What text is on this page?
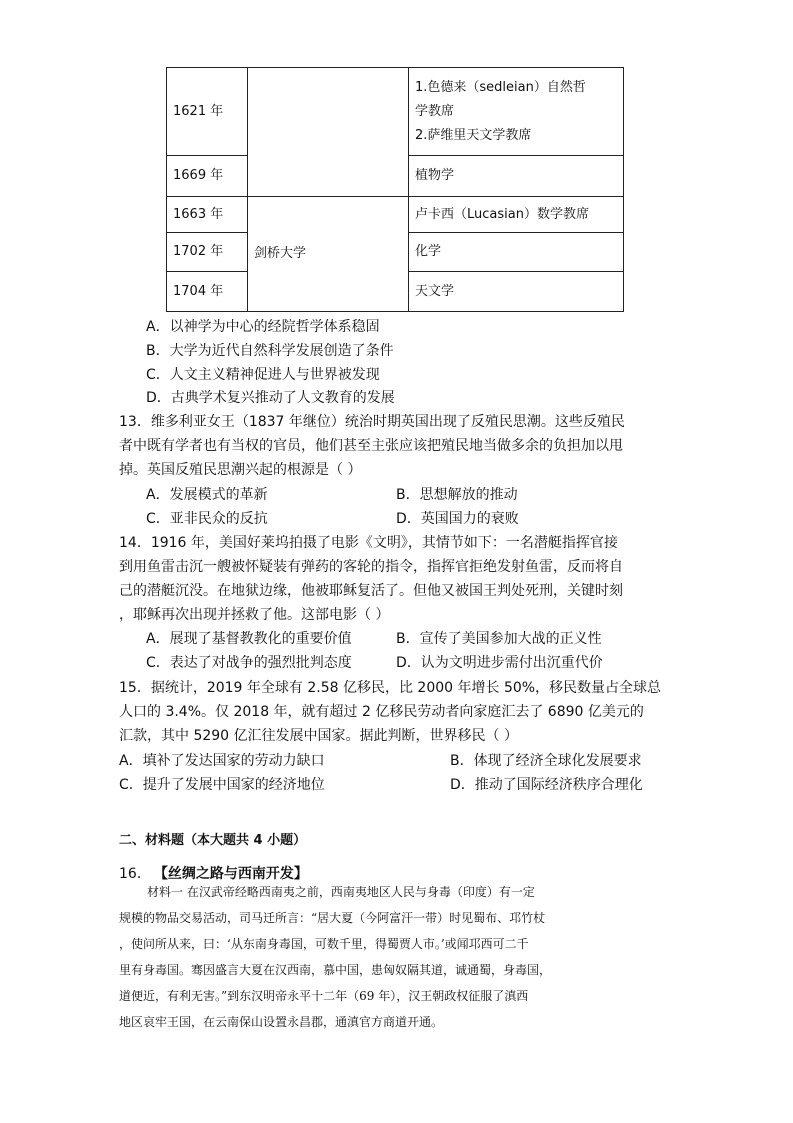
1621 年		1.色德来（sedleian）自然哲
学教席
2.萨维里天文学教席

1669 年		植物学
1663 年	剑桥大学	卢卡西（Lucasian）数学教席
1702 年		化学
1704 年		天文学
A．以神学为中心的经院哲学体系稳固
B．大学为近代自然科学发展创造了条件
C．人文主义精神促进人与世界被发现
D．古典学术复兴推动了人文教育的发展
13．维多利亚女王（1837 年继位）统治时期英国出现了反殖民思潮。这些反殖民
者中既有学者也有当权的官员，他们甚至主张应该把殖民地当做多余的负担加以甩
掉。英国反殖民思潮兴起的根源是（ ）
A．发展模式的革新	B．思想解放的推动
C．亚非民众的反抗	D．英国国力的衰败
14．1916 年，美国好莱坞拍摄了电影《文明》，其情节如下：一名潜艇指挥官接
到用鱼雷击沉一艘被怀疑装有弹药的客轮的指令，指挥官拒绝发射鱼雷，反而将自
己的潜艇沉没。在地狱边缘，他被耶稣复活了。但他又被国王判处死刑，关键时刻
，耶稣再次出现并拯救了他。这部电影（ ）
A．展现了基督教教化的重要价值	B．宣传了美国参加大战的正义性
C．表达了对战争的强烈批判态度	D．认为文明进步需付出沉重代价
15．据统计，2019 年全球有 2.58 亿移民，比 2000 年增长 50%，移民数量占全球总
人口的 3.4%。仅 2018 年，就有超过 2 亿移民劳动者向家庭汇去了 6890 亿美元的
汇款，其中 5290 亿汇往发展中国家。据此判断，世界移民（ ）
A．填补了发达国家的劳动力缺口	B．体现了经济全球化发展要求
C．提升了发展中国家的经济地位	D．推动了国际经济秩序合理化
二、材料题（本大题共 4 小题）
16． 【丝绸之路与西南开发】
材料一 在汉武帝经略西南夷之前，西南夷地区人民与身毒（印度）有一定
规模的物品交易活动，司马迁所言：“居大夏（今阿富汗一带）时见蜀布、邛竹杖
，使问所从来，曰：‘从东南身毒国，可数千里，得蜀贾人市。’或闻邛西可二千
里有身毒国。骞因盛言大夏在汉西南，慕中国，患匈奴隔其道，诚通蜀，身毒国，
道便近，有利无害。”到东汉明帝永平十二年（69 年），汉王朝政权征服了滇西
地区哀牢王国，在云南保山设置永昌郡，通滇官方商道开通。
